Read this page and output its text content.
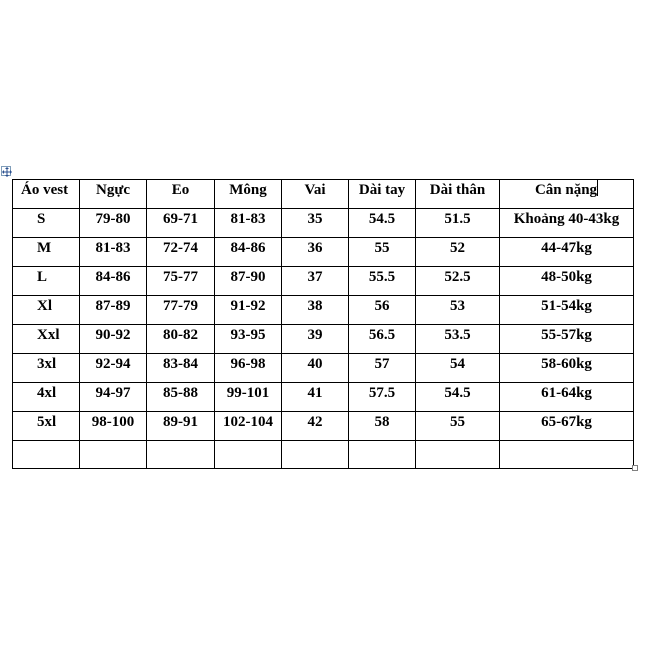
Áo vest	Ngực	Eo	Mông	Vai	Dài tay	Dài thân	Cân nặng
S	79-80	69-71	81-83	35	54.5	51.5	Khoảng 40-43kg
M	81-83	72-74	84-86	36	55	52	44-47kg
L	84-86	75-77	87-90	37	55.5	52.5	48-50kg
Xl	87-89	77-79	91-92	38	56	53	51-54kg
Xxl	90-92	80-82	93-95	39	56.5	53.5	55-57kg
3xl	92-94	83-84	96-98	40	57	54	58-60kg
4xl	94-97	85-88	99-101	41	57.5	54.5	61-64kg
5xl	98-100	89-91	102-104	42	58	55	65-67kg
